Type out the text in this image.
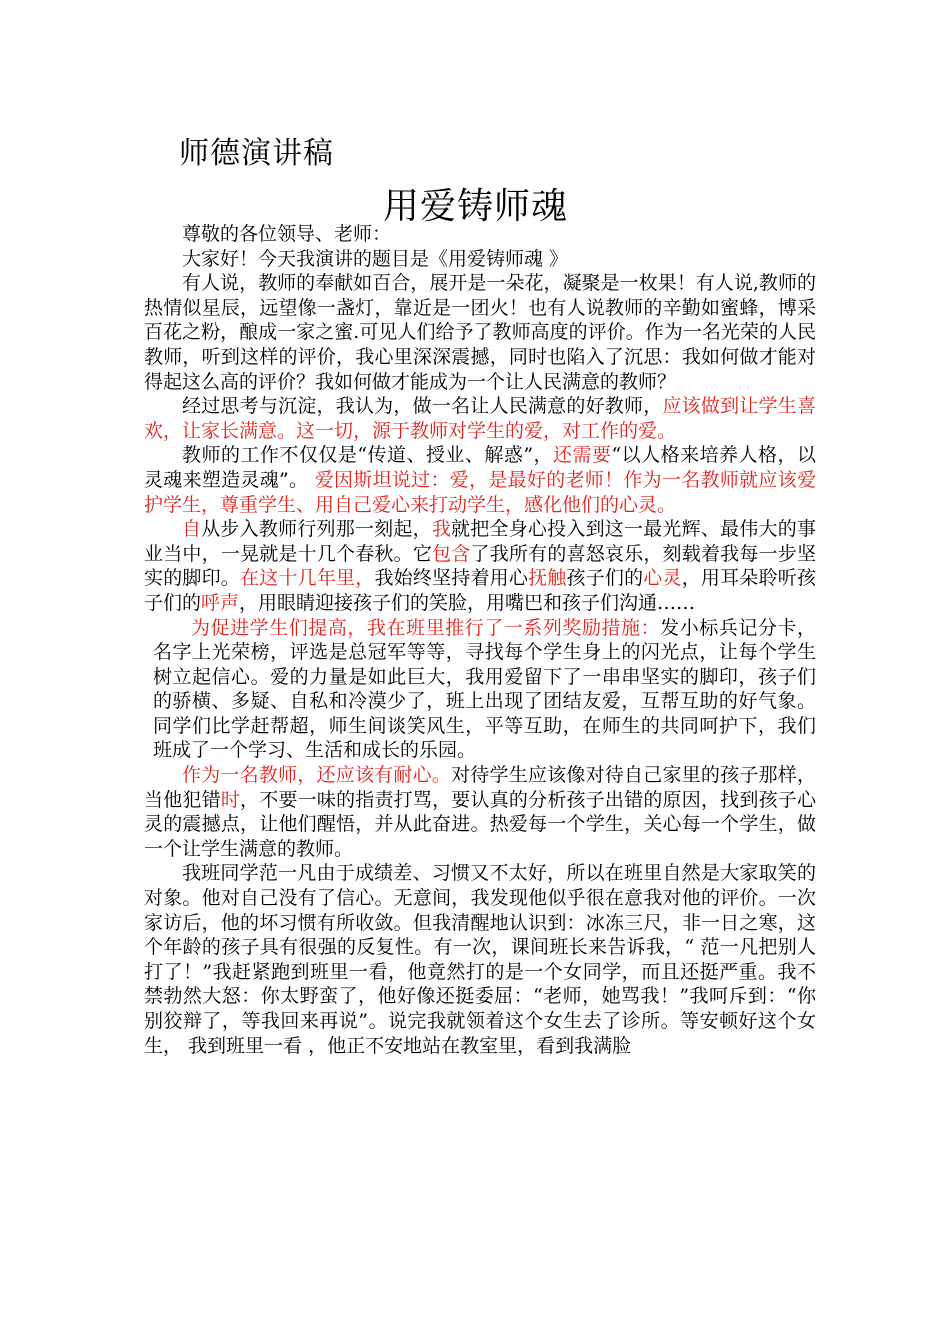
师德演讲稿
用爱铸师魂

尊敬的各位领导、老师：

大家好！今天我演讲的题目是《用爱铸师魂 》

有人说，教师的奉献如百合，展开是一朵花，凝聚是一枚果！有人说,教师的热情似星辰，远望像一盏灯，靠近是一团火！也有人说教师的辛勤如蜜蜂，博采百花之粉，酿成一家之蜜.可见人们给予了教师高度的评价。作为一名光荣的人民教师，听到这样的评价，我心里深深震撼，同时也陷入了沉思：我如何做才能对得起这么高的评价？我如何做才能成为一个让人民满意的教师？

经过思考与沉淀，我认为，做一名让人民满意的好教师，应该做到让学生喜欢，让家长满意。这一切，源于教师对学生的爱，对工作的爱。

教师的工作不仅仅是“传道、授业、解惑”，还需要“以人格来培养人格，以灵魂来塑造灵魂”。 爱因斯坦说过：爱，是最好的老师！作为一名教师就应该爱护学生，尊重学生、用自己爱心来打动学生，感化他们的心灵。

自从步入教师行列那一刻起，我就把全身心投入到这一最光辉、最伟大的事业当中，一晃就是十几个春秋。它包含了我所有的喜怒哀乐，刻载着我每一步坚实的脚印。在这十几年里，我始终坚持着用心抚触孩子们的心灵，用耳朵聆听孩子们的呼声，用眼睛迎接孩子们的笑脸，用嘴巴和孩子们沟通……

为促进学生们提高，我在班里推行了一系列奖励措施：发小标兵记分卡，名字上光荣榜，评选是总冠军等等，寻找每个学生身上的闪光点，让每个学生树立起信心。爱的力量是如此巨大，我用爱留下了一串串坚实的脚印，孩子们的骄横、多疑、自私和冷漠少了，班上出现了团结友爱，互帮互助的好气象。同学们比学赶帮超，师生间谈笑风生，平等互助，在师生的共同呵护下，我们班成了一个学习、生活和成长的乐园。

作为一名教师，还应该有耐心。对待学生应该像对待自己家里的孩子那样，当他犯错时，不要一味的指责打骂，要认真的分析孩子出错的原因，找到孩子心灵的震撼点，让他们醒悟，并从此奋进。热爱每一个学生，关心每一个学生，做一个让学生满意的教师。

我班同学范一凡由于成绩差、习惯又不太好，所以在班里自然是大家取笑的对象。他对自己没有了信心。无意间，我发现他似乎很在意我对他的评价。一次家访后，他的坏习惯有所收敛。但我清醒地认识到：冰冻三尺，非一日之寒，这个年龄的孩子具有很强的反复性。有一次，课间班长来告诉我，“ 范一凡把别人打了！”我赶紧跑到班里一看，他竟然打的是一个女同学，而且还挺严重。我不禁勃然大怒：你太野蛮了，他好像还挺委屈：“老师，她骂我！”我呵斥到：“你别狡辩了，等我回来再说”。说完我就领着这个女生去了诊所。等安顿好这个女生， 我到班里一看 ，他正不安地站在教室里，看到我满脸
